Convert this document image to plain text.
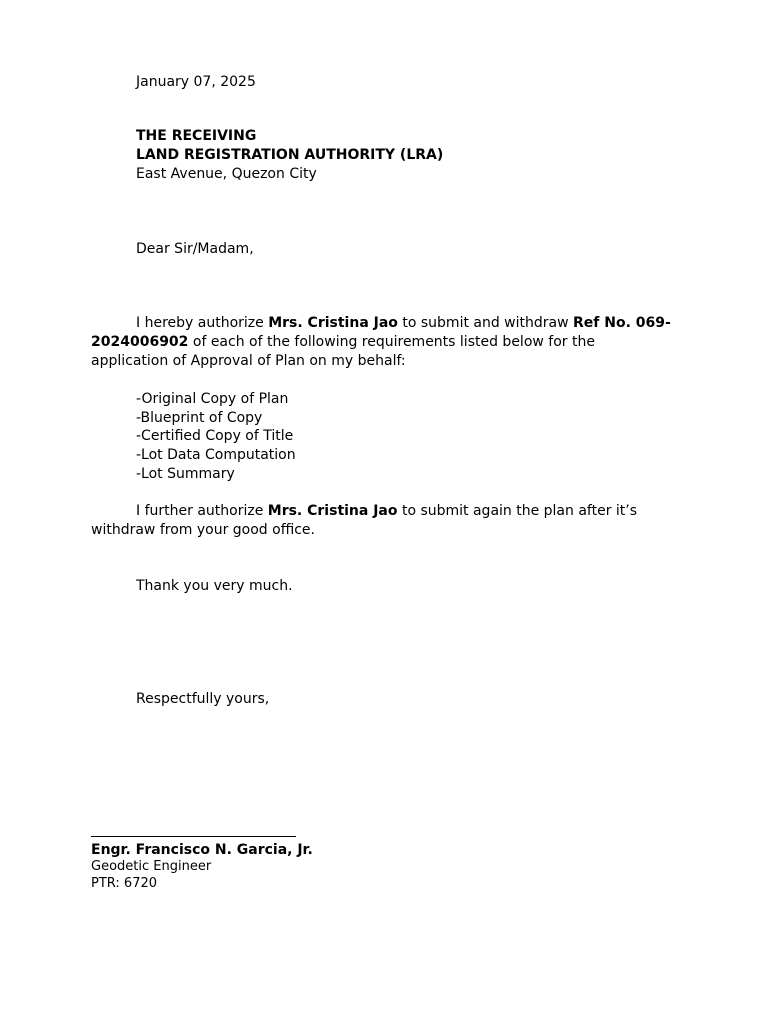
January 07, 2025
THE RECEIVING
LAND REGISTRATION AUTHORITY (LRA)
East Avenue, Quezon City
Dear Sir/Madam,
I hereby authorize Mrs. Cristina Jao to submit and withdraw Ref No. 069-
2024006902 of each of the following requirements listed below for the
application of Approval of Plan on my behalf:
-Original Copy of Plan
-Blueprint of Copy
-Certified Copy of Title
-Lot Data Computation
-Lot Summary
I further authorize Mrs. Cristina Jao to submit again the plan after it’s
withdraw from your good office.
Thank you very much.
Respectfully yours,
Engr. Francisco N. Garcia, Jr.
Geodetic Engineer
PTR: 6720
